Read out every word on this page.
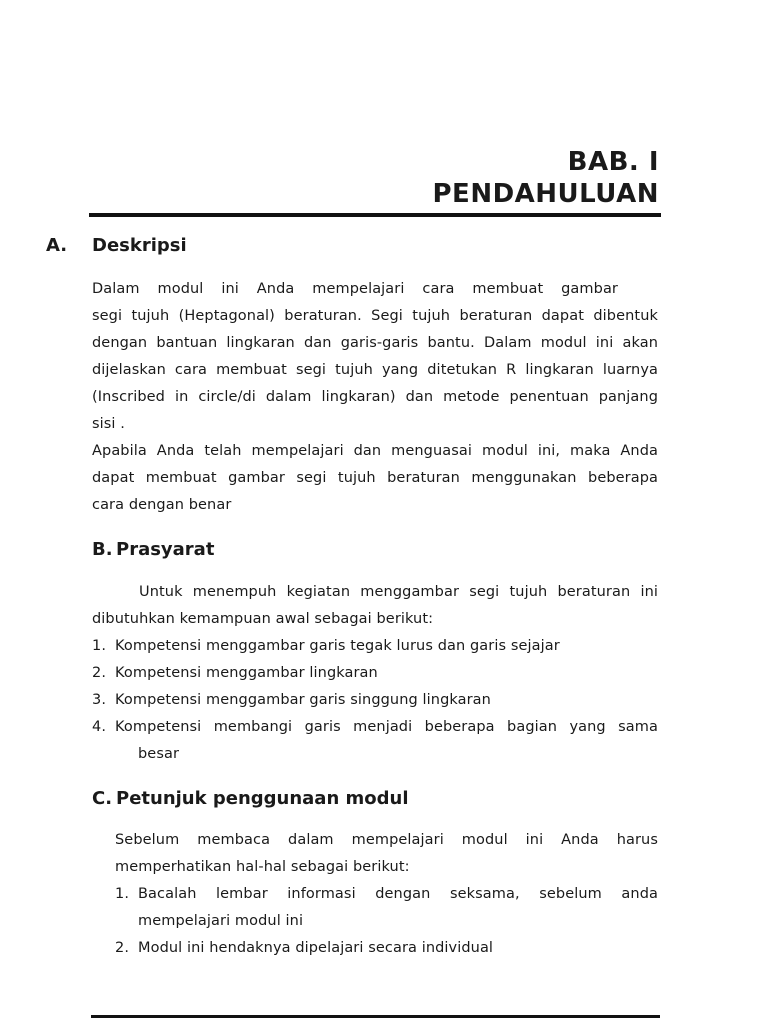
BAB. I
PENDAHULUAN
A. Deskripsi
Dalam modul ini Anda mempelajari cara membuat gambar
segi tujuh (Heptagonal) beraturan. Segi tujuh beraturan dapat dibentuk
dengan bantuan lingkaran dan garis-garis bantu. Dalam modul ini akan
dijelaskan cara membuat segi tujuh yang ditetukan R lingkaran luarnya
(Inscribed in circle/di dalam lingkaran) dan metode penentuan panjang
sisi .
Apabila Anda telah mempelajari dan menguasai modul ini, maka Anda
dapat membuat gambar segi tujuh beraturan menggunakan beberapa
cara dengan benar
B. Prasyarat
Untuk menempuh kegiatan menggambar segi tujuh beraturan ini
dibutuhkan kemampuan awal sebagai berikut:
1. Kompetensi menggambar garis tegak lurus dan garis sejajar
2. Kompetensi menggambar lingkaran
3. Kompetensi menggambar garis singgung lingkaran
4. Kompetensi membangi garis menjadi beberapa bagian yang sama
besar
C. Petunjuk penggunaan modul
Sebelum membaca dalam mempelajari modul ini Anda harus
memperhatikan hal-hal sebagai berikut:
1. Bacalah lembar informasi dengan seksama, sebelum anda
mempelajari modul ini
2. Modul ini hendaknya dipelajari secara individual
